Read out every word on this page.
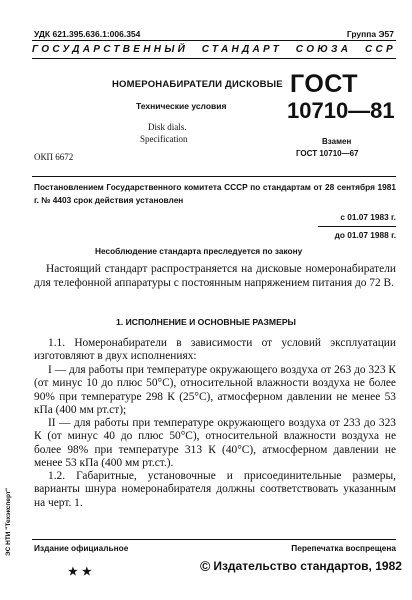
УДК 621.395.636.1:006.354	Группа Э57
ГОСУДАРСТВЕННЫЙ СТАНДАРТ СОЮЗА ССР
НОМЕРОНАБИРАТЕЛИ ДИСКОВЫЕ
Технические условия
Disk dials.
Specification
ОКП 6672
ГОСТ
10710—81
Взамен
ГОСТ 10710—67
Постановлением Государственного комитета СССР по стандартам от 28 сентября 1981 г. № 4403 срок действия установлен
с 01.07 1983 г.
до 01.07 1988 г.
Несоблюдение стандарта преследуется по закону
Настоящий стандарт распространяется на дисковые номеронабиратели для телефонной аппаратуры с постоянным напряжением питания до 72 В.
1. ИСПОЛНЕНИЕ И ОСНОВНЫЕ РАЗМЕРЫ
1.1. Номеронабиратели в зависимости от условий эксплуатации изготовляют в двух исполнениях:
I — для работы при температуре окружающего воздуха от 263 до 323 К (от минус 10 до плюс 50°С), относительной влажности воздуха не более 90% при температуре 298 К (25°С), атмосферном давлении не менее 53 кПа (400 мм рт.ст);
II — для работы при температуре окружающего воздуха от 233 до 323 К (от минус 40 до плюс 50°С), относительной влажности воздуха не более 98% при температуре 313 К (40°С), атмосферном давлении не менее 53 кПа (400 мм рт.ст.).
1.2. Габаритные, установочные и присоединительные размеры, варианты шнура номеронабирателя должны соответствовать указанным на черт. 1.
ЭС НТИ "Техэксперт"	Издание официальное	Перепечатка воспрещена
© Издательство стандартов, 1982
★★
